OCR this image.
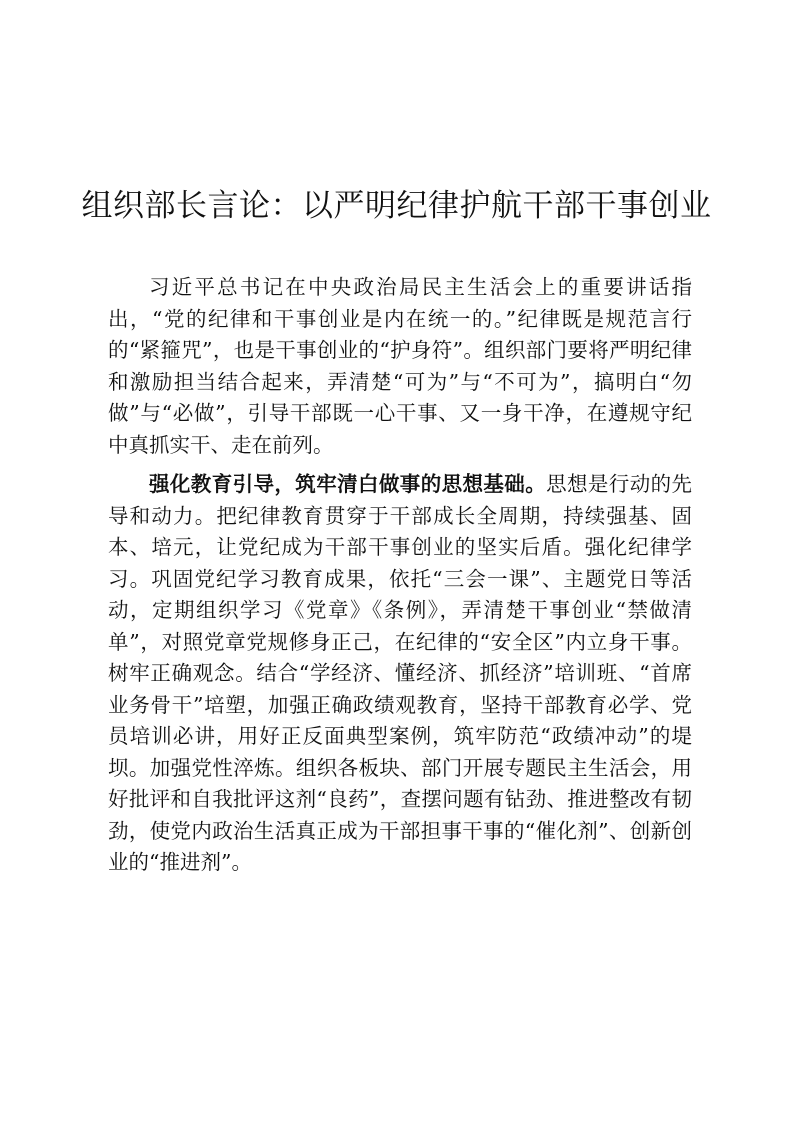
组织部长言论：以严明纪律护航干部干事创业

习近平总书记在中央政治局民主生活会上的重要讲话指出，“党的纪律和干事创业是内在统一的。”纪律既是规范言行的“紧箍咒”，也是干事创业的“护身符”。组织部门要将严明纪律和激励担当结合起来，弄清楚“可为”与“不可为”，搞明白“勿做”与“必做”，引导干部既一心干事、又一身干净，在遵规守纪中真抓实干、走在前列。

强化教育引导，筑牢清白做事的思想基础。思想是行动的先导和动力。把纪律教育贯穿于干部成长全周期，持续强基、固本、培元，让党纪成为干部干事创业的坚实后盾。强化纪律学习。巩固党纪学习教育成果，依托“三会一课”、主题党日等活动，定期组织学习《党章》《条例》，弄清楚干事创业“禁做清单”，对照党章党规修身正己，在纪律的“安全区”内立身干事。树牢正确观念。结合“学经济、懂经济、抓经济”培训班、“首席业务骨干”培塑，加强正确政绩观教育，坚持干部教育必学、党员培训必讲，用好正反面典型案例，筑牢防范“政绩冲动”的堤坝。加强党性淬炼。组织各板块、部门开展专题民主生活会，用好批评和自我批评这剂“良药”，查摆问题有钻劲、推进整改有韧劲，使党内政治生活真正成为干部担事干事的“催化剂”、创新创业的“推进剂”。
